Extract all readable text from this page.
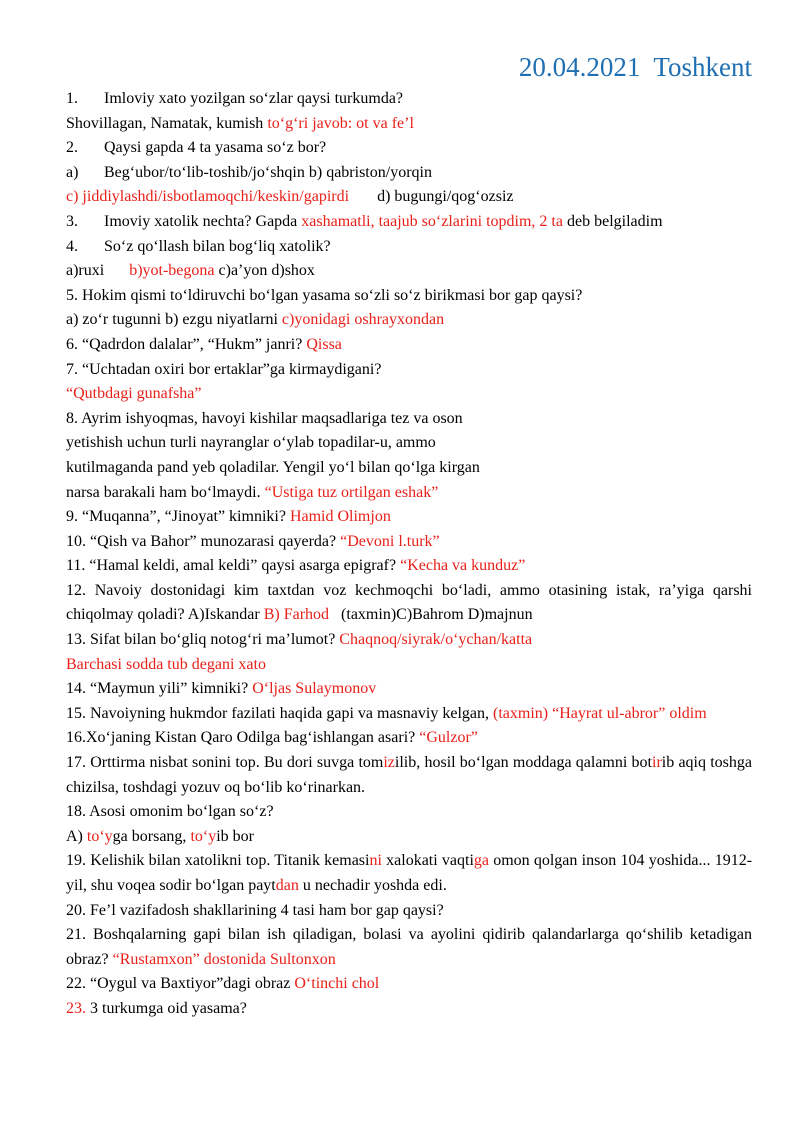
20.04.2021  Toshkent
1. Imloviy xato yozilgan so‘zlar qaysi turkumda?
Shovillagan, Namatak, kumish to‘g‘ri javob: ot va fe’l
2. Qaysi gapda 4 ta yasama so‘z bor?
a) Beg‘ubor/to‘lib-toshib/jo‘shqin b) qabriston/yorqin
c) jiddiylashdi/isbotlamoqchi/keskin/gapirdi d) bugungi/qog‘ozsiz
3. Imoviy xatolik nechta? Gapda xashamatli, taajub so‘zlarini topdim, 2 ta deb belgiladim
4. So‘z qo‘llash bilan bog‘liq xatolik?
a)ruxi b)yot-begona c)a’yon d)shox
5. Hokim qismi to‘ldiruvchi bo‘lgan yasama so‘zli so‘z birikmasi bor gap qaysi?
a) zo‘r tugunni b) ezgu niyatlarni c)yonidagi oshrayxondan
6. “Qadrdon dalalar”, “Hukm” janri? Qissa
7. “Uchtadan oxiri bor ertaklar”ga kirmaydigani?
“Qutbdagi gunafsha”
8. Ayrim ishyoqmas, havoyi kishilar maqsadlariga tez va oson
yetishish uchun turli nayranglar o‘ylab topadilar-u, ammo
kutilmaganda pand yeb qoladilar. Yengil yo‘l bilan qo‘lga kirgan
narsa barakali ham bo‘lmaydi. “Ustiga tuz ortilgan eshak”
9. “Muqanna”, “Jinoyat” kimniki? Hamid Olimjon
10. “Qish va Bahor” munozarasi qayerda? “Devoni l.turk”
11. “Hamal keldi, amal keldi” qaysi asarga epigraf? “Kecha va kunduz”
12. Navoiy dostonidagi kim taxtdan voz kechmoqchi bo‘ladi, ammo otasining istak, ra’yiga qarshi chiqolmay qoladi? A)Iskandar B) Farhod   (taxmin)C)Bahrom D)majnun
13. Sifat bilan bo‘gliq notog‘ri ma’lumot? Chaqnoq/siyrak/o‘ychan/katta
Barchasi sodda tub degani xato
14. “Maymun yili” kimniki? O‘ljas Sulaymonov
15. Navoiyning hukmdor fazilati haqida gapi va masnaviy kelgan, (taxmin) “Hayrat ul-abror” oldim
16.Xo‘janing Kistan Qaro Odilga bag‘ishlangan asari? “Gulzor”
17. Orttirma nisbat sonini top. Bu dori suvga tomizilib, hosil bo‘lgan moddaga qalamni botirib aqiq toshga chizilsa, toshdagi yozuv oq bo‘lib ko‘rinarkan.
18. Asosi omonim bo‘lgan so‘z?
A) to‘yga borsang, to‘yib bor
19. Kelishik bilan xatolikni top. Titanik kemasini xalokati vaqtiga omon qolgan inson 104 yoshida... 1912-yil, shu voqea sodir bo‘lgan paytdan u nechadir yoshda edi.
20. Fe’l vazifadosh shakllarining 4 tasi ham bor gap qaysi?
21. Boshqalarning gapi bilan ish qiladigan, bolasi va ayolini qidirib qalandarlarga qo‘shilib ketadigan obraz? “Rustamxon” dostonida Sultonxon
22. “Oygul va Baxtiyor”dagi obraz O‘tinchi chol
23. 3 turkumga oid yasama?
